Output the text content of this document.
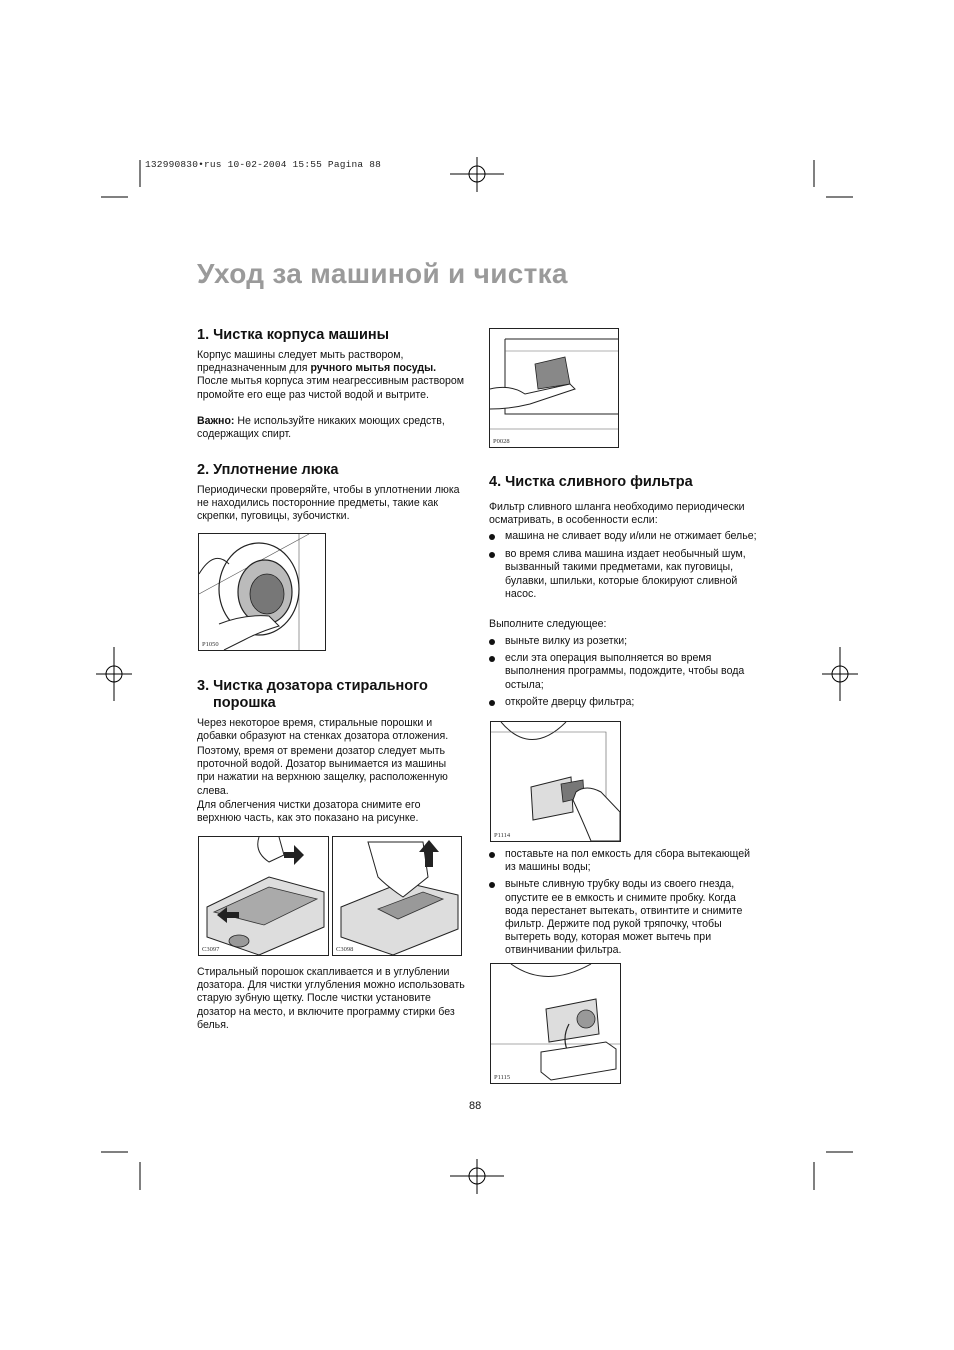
132990830•rus 10-02-2004 15:55 Pagina 88
Уход за машиной и чистка
1. Чистка корпуса машины
Корпус машины следует мыть раствором, предназначенным для ручного мытья посуды. После мытья корпуса этим неагрессивным раствором промойте его еще раз чистой водой и вытрите.
Важно: Не используйте никаких моющих средств, содержащих спирт.
2. Уплотнение люка
Периодически проверяйте, чтобы в уплотнении люка не находились посторонние предметы, такие как скрепки, пуговицы, зубочистки.
P1050
3. Чистка дозатора стирального
порошка
Через некоторое время, стиральные порошки и добавки образуют на стенках дозатора отложения.
Поэтому, время от времени дозатор следует мыть проточной водой. Дозатор вынимается из машины при нажатии на верхнюю защелку, расположенную слева.
Для облегчения чистки дозатора снимите его верхнюю часть, как это показано на рисунке.
C3097	C3098
Стиральный порошок скапливается и в углублении дозатора. Для чистки углубления можно использовать старую зубную щетку. После чистки установите дозатор на место, и включите программу стирки без белья.
P0028
4. Чистка сливного фильтра
Фильтр сливного шланга необходимо периодически осматривать, в особенности если:
машина не сливает воду и/или не отжимает белье;
во время слива машина издает необычный шум, вызванный такими предметами, как пуговицы, булавки, шпильки, которые блокируют сливной насос.
Выполните следующее:
выньте вилку из розетки;
если эта операция выполняется во время выполнения программы, подождите, чтобы вода остыла;
откройте дверцу фильтра;
P1114
поставьте на пол емкость для сбора вытекающей из машины воды;
выньте сливную трубку воды из своего гнезда, опустите ее в емкость и снимите пробку. Когда вода перестанет вытекать, отвинтите и снимите фильтр. Держите под рукой тряпочку, чтобы вытереть воду, которая может вытечь при отвинчивании фильтра.
P1115
88
